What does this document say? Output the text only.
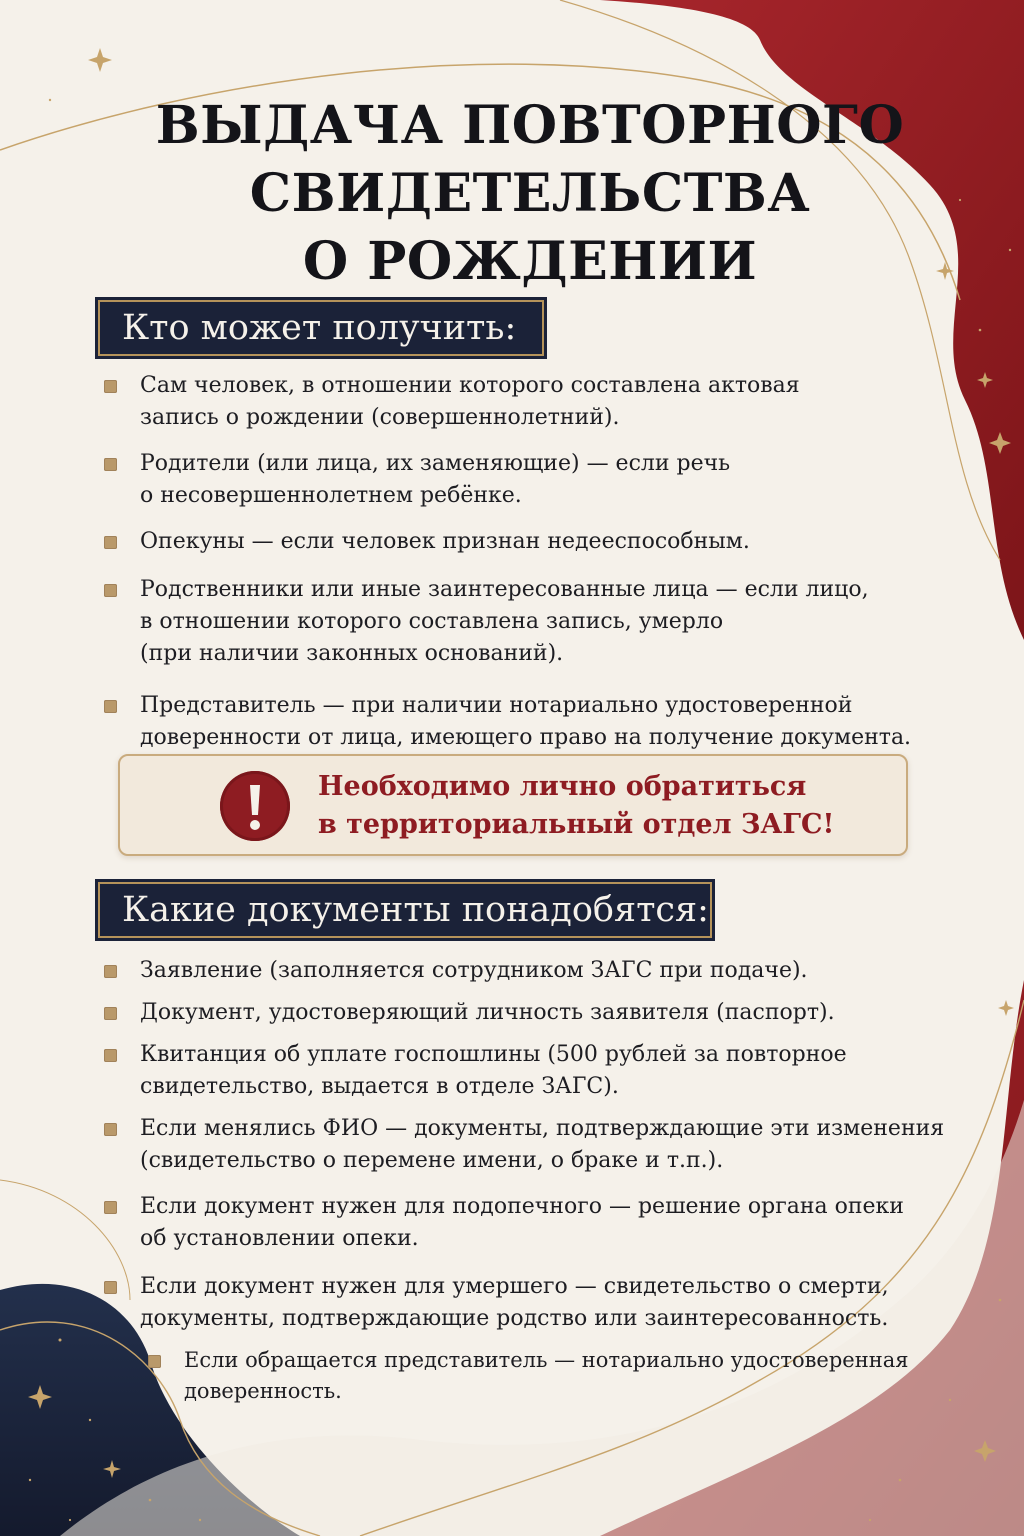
ВЫДАЧА ПОВТОРНОГО
СВИДЕТЕЛЬСТВА
О РОЖДЕНИИ
Кто может получить:
Сам человек, в отношении которого составлена актовая
запись о рождении (совершеннолетний).
Родители (или лица, их заменяющие) — если речь
о несовершеннолетнем ребёнке.
Опекуны — если человек признан недееспособным.
Родственники или иные заинтересованные лица — если лицо,
в отношении которого составлена запись, умерло
(при наличии законных оснований).
Представитель — при наличии нотариально удостоверенной
доверенности от лица, имеющего право на получение документа.
Необходимо лично обратиться
в территориальный отдел ЗАГС!
Какие документы понадобятся:
Заявление (заполняется сотрудником ЗАГС при подаче).
Документ, удостоверяющий личность заявителя (паспорт).
Квитанция об уплате госпошлины (500 рублей за повторное
свидетельство, выдается в отделе ЗАГС).
Если менялись ФИО — документы, подтверждающие эти изменения
(свидетельство о перемене имени, о браке и т.п.).
Если документ нужен для подопечного — решение органа опеки
об установлении опеки.
Если документ нужен для умершего — свидетельство о смерти,
документы, подтверждающие родство или заинтересованность.
Если обращается представитель — нотариально удостоверенная
доверенность.
